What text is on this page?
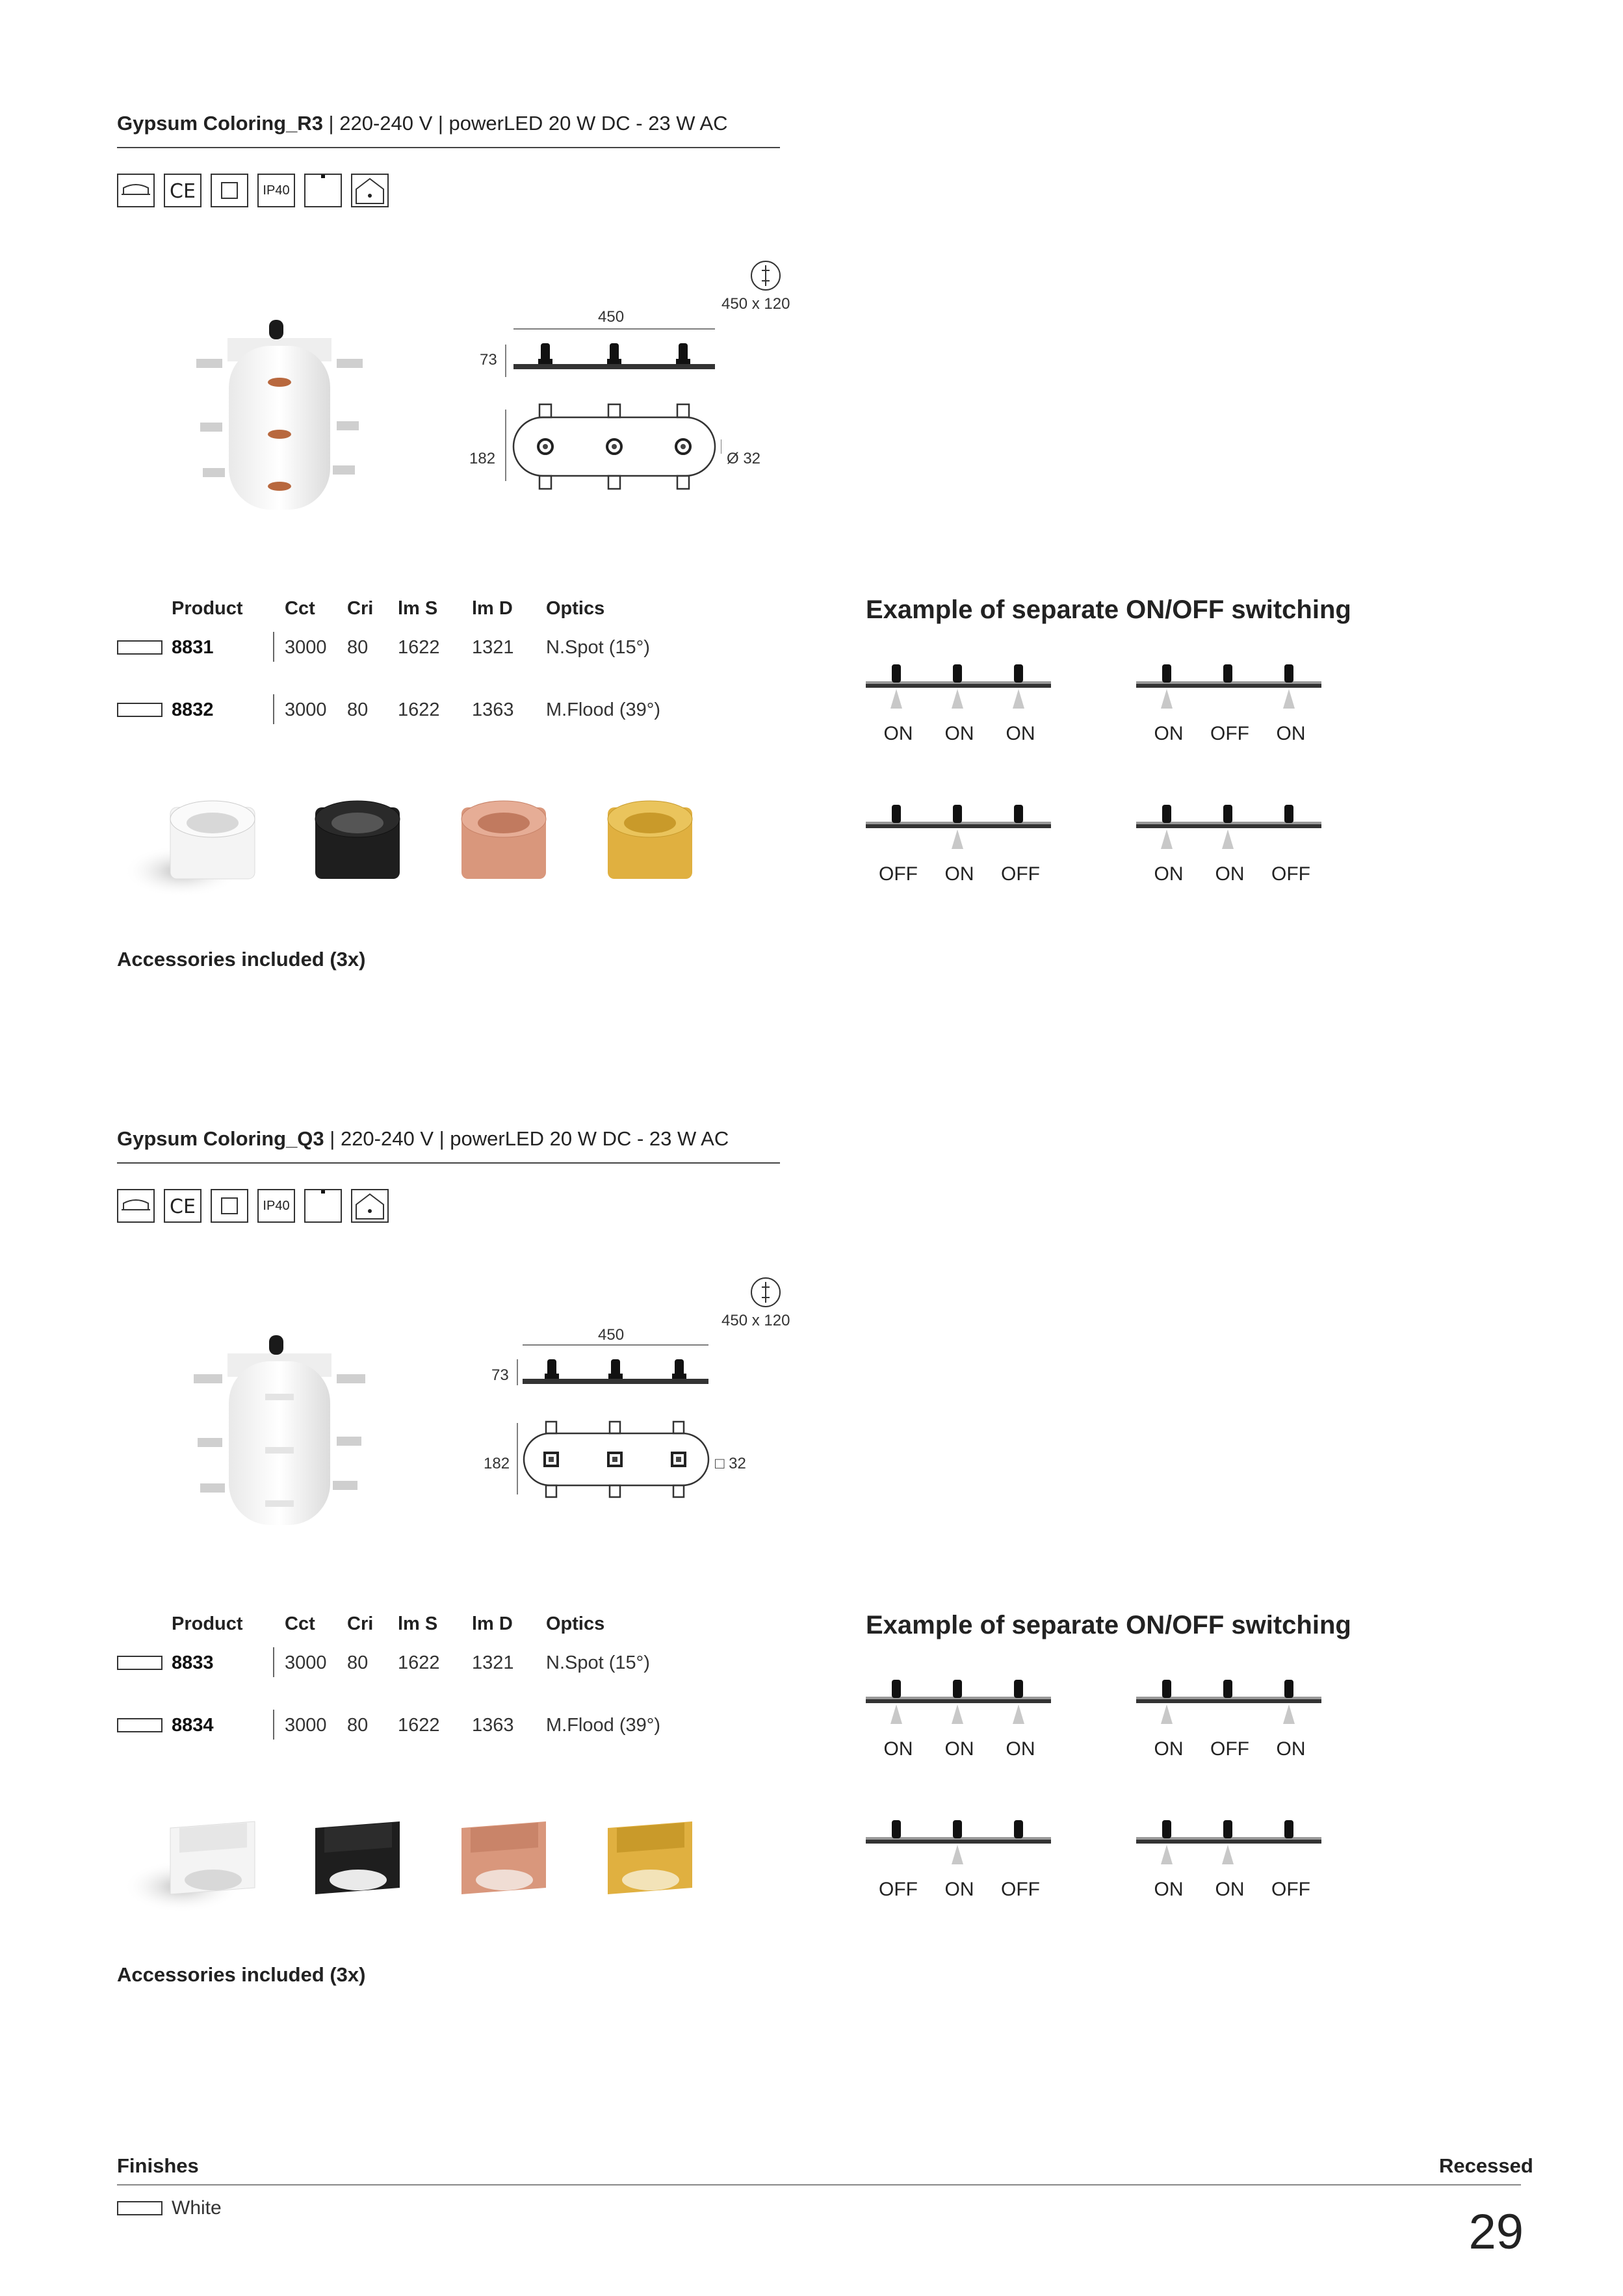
Gypsum Coloring_R3 | 220-240 V | powerLED 20 W DC - 23 W AC
CE	IP40
450 x 120
450
73
182	Ø 32
Product Cct Cri lm S lm D Optics
8831	3000 80 1622 1321 N.Spot (15°)
8832	3000 80 1622 1363 M.Flood (39°)
Accessories included (3x)
Example of separate ON/OFF switching
ON	ON	ON	ON	OFF	ON
OFF	ON	OFF	ON	ON	OFF
Gypsum Coloring_Q3 | 220-240 V | powerLED 20 W DC - 23 W AC
CE	IP40
450 x 120
450
73
182	□ 32
Product Cct Cri lm S lm D Optics
8833	3000 80 1622 1321 N.Spot (15°)
8834	3000 80 1622 1363 M.Flood (39°)
Accessories included (3x)
Example of separate ON/OFF switching
ON	ON	ON	ON	OFF	ON
OFF	ON	OFF	ON	ON	OFF
Finishes	Recessed
White	29
